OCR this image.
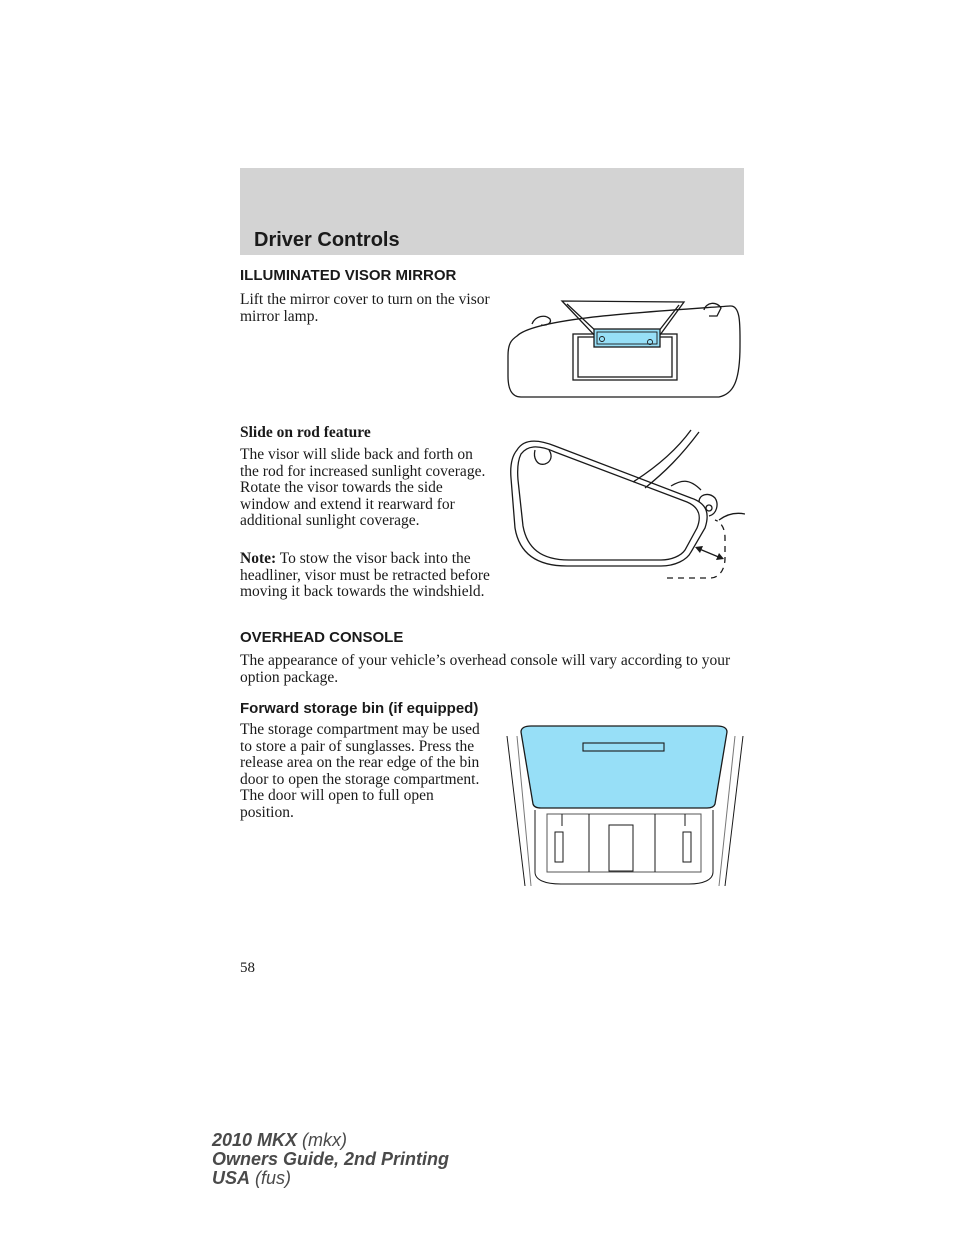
Driver Controls
ILLUMINATED VISOR MIRROR

Lift the mirror cover to turn on the visor mirror lamp.

Slide on rod feature

The visor will slide back and forth on the rod for increased sunlight coverage. Rotate the visor towards the side window and extend it rearward for additional sunlight coverage.

Note: To stow the visor back into the headliner, visor must be retracted before moving it back towards the windshield.

OVERHEAD CONSOLE

The appearance of your vehicle’s overhead console will vary according to your option package.

Forward storage bin (if equipped)

The storage compartment may be used to store a pair of sunglasses. Press the release area on the rear edge of the bin door to open the storage compartment. The door will open to full open position.

58
2010 MKX (mkx)
Owners Guide, 2nd Printing
USA (fus)
